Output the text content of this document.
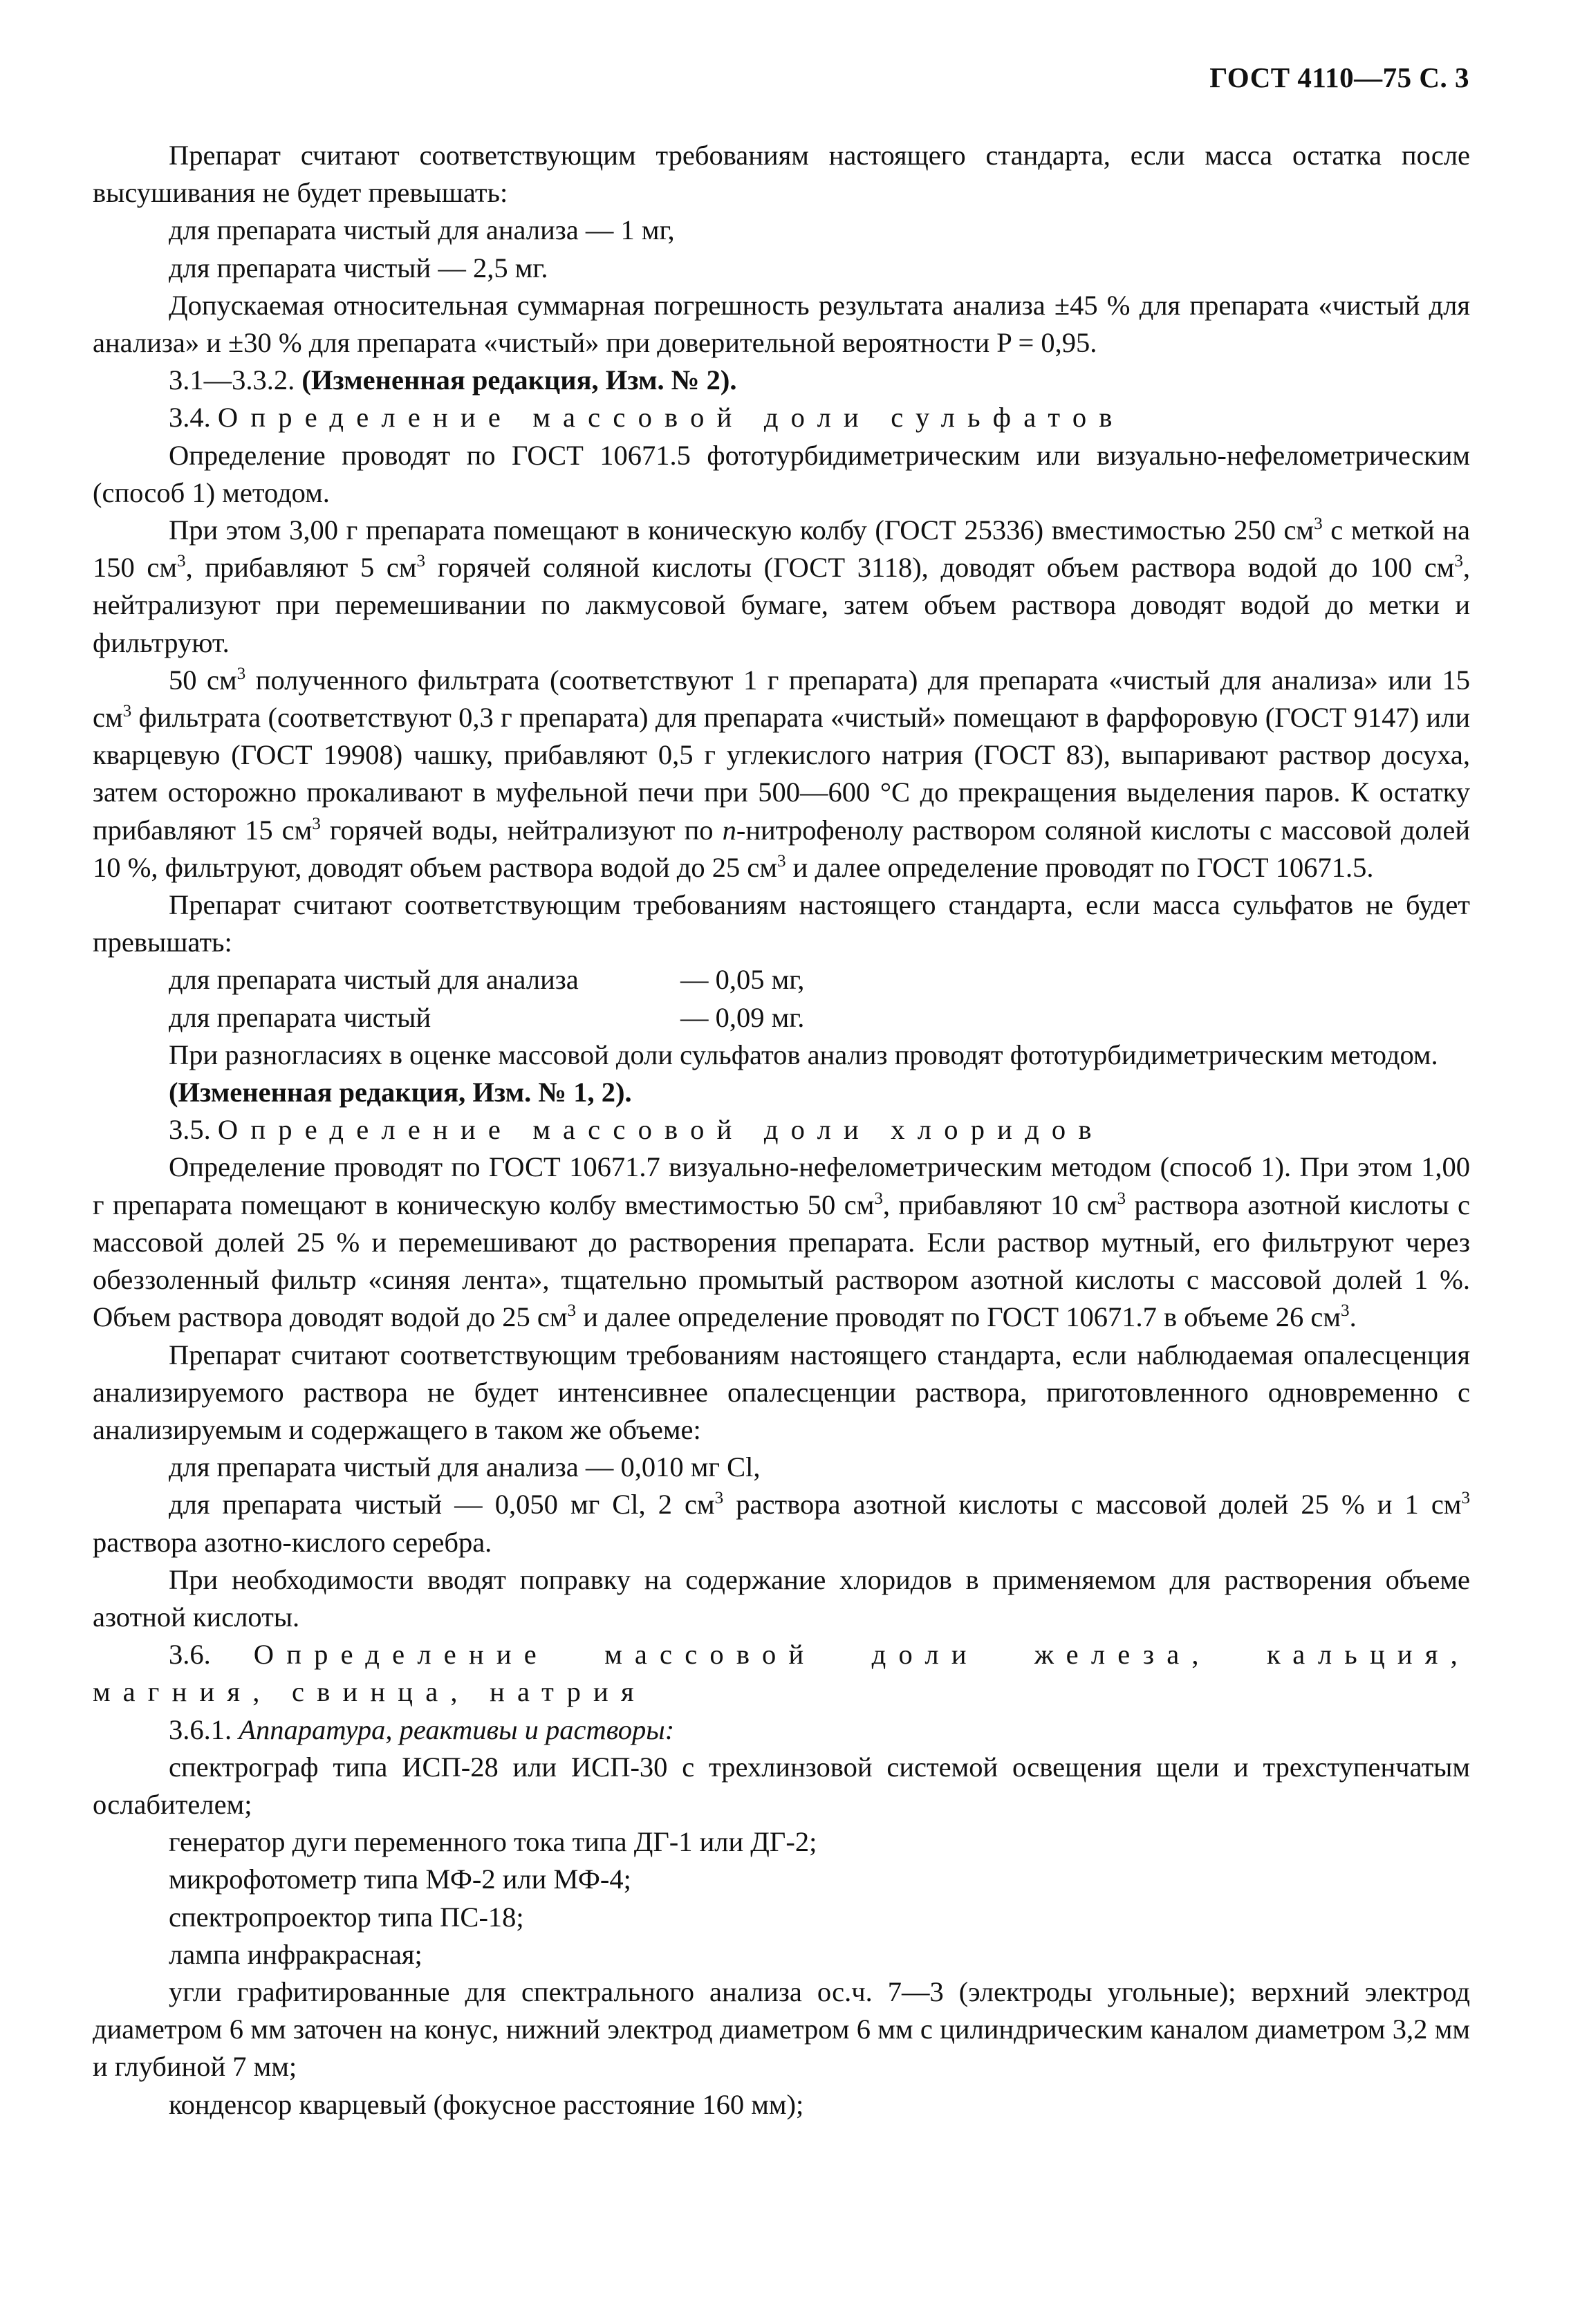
ГОСТ 4110—75 С. 3

Препарат считают соответствующим требованиям настоящего стандарта, если масса остатка после высушивания не будет превышать:

для препарата чистый для анализа — 1 мг,

для препарата чистый — 2,5 мг.

Допускаемая относительная суммарная погрешность результата анализа ±45 % для препарата «чистый для анализа» и ±30 % для препарата «чистый» при доверительной вероятности P = 0,95.

3.1—3.3.2. (Измененная редакция, Изм. № 2).

3.4. Определение массовой доли сульфатов

Определение проводят по ГОСТ 10671.5 фототурбидиметрическим или визуально-нефелометрическим (способ 1) методом.

При этом 3,00 г препарата помещают в коническую колбу (ГОСТ 25336) вместимостью 250 $см^3$ с меткой на 150 $см^3$, прибавляют 5 $см^3$ горячей соляной кислоты (ГОСТ 3118), доводят объем раствора водой до 100 $см^3$, нейтрализуют при перемешивании по лакмусовой бумаге, затем объем раствора доводят водой до метки и фильтруют.

50 $см^3$ полученного фильтрата (соответствуют 1 г препарата) для препарата «чистый для анализа» или 15 $см^3$ фильтрата (соответствуют 0,3 г препарата) для препарата «чистый» помещают в фарфоровую (ГОСТ 9147) или кварцевую (ГОСТ 19908) чашку, прибавляют 0,5 г углекислого натрия (ГОСТ 83), выпаривают раствор досуха, затем осторожно прокаливают в муфельной печи при 500—600 °С до прекращения выделения паров. К остатку прибавляют 15 $см^3$ горячей воды, нейтрализуют по п-нитрофенолу раствором соляной кислоты с массовой долей 10 %, фильтруют, доводят объем раствора водой до 25 $см^3$ и далее определение проводят по ГОСТ 10671.5.

Препарат считают соответствующим требованиям настоящего стандарта, если масса сульфатов не будет превышать:

для препарата чистый для анализа	— 0,05 мг,
для препарата чистый	— 0,09 мг.

При разногласиях в оценке массовой доли сульфатов анализ проводят фототурбидиметрическим методом.

(Измененная редакция, Изм. № 1, 2).

3.5. Определение массовой доли хлоридов

Определение проводят по ГОСТ 10671.7 визуально-нефелометрическим методом (способ 1). При этом 1,00 г препарата помещают в коническую колбу вместимостью 50 $см^3$, прибавляют 10 $см^3$ раствора азотной кислоты с массовой долей 25 % и перемешивают до растворения препарата. Если раствор мутный, его фильтруют через обеззоленный фильтр «синяя лента», тщательно промытый раствором азотной кислоты с массовой долей 1 %. Объем раствора доводят водой до 25 $см^3$ и далее определение проводят по ГОСТ 10671.7 в объеме 26 $см^3$.

Препарат считают соответствующим требованиям настоящего стандарта, если наблюдаемая опалесценция анализируемого раствора не будет интенсивнее опалесценции раствора, приготовленного одновременно с анализируемым и содержащего в таком же объеме:

для препарата чистый для анализа — 0,010 мг Cl,

для препарата чистый — 0,050 мг Cl, 2 $см^3$ раствора азотной кислоты с массовой долей 25 % и 1 $см^3$ раствора азотно-кислого серебра.

При необходимости вводят поправку на содержание хлоридов в применяемом для растворения объеме азотной кислоты.

3.6. Определение массовой доли железа, кальция, магния, свинца, натрия

3.6.1. Аппаратура, реактивы и растворы:

спектрограф типа ИСП-28 или ИСП-30 с трехлинзовой системой освещения щели и трехступенчатым ослабителем;

генератор дуги переменного тока типа ДГ-1 или ДГ-2;

микрофотометр типа МФ-2 или МФ-4;

спектропроектор типа ПС-18;

лампа инфракрасная;

угли графитированные для спектрального анализа ос.ч. 7—3 (электроды угольные); верхний электрод диаметром 6 мм заточен на конус, нижний электрод диаметром 6 мм с цилиндрическим каналом диаметром 3,2 мм и глубиной 7 мм;

конденсор кварцевый (фокусное расстояние 160 мм);
